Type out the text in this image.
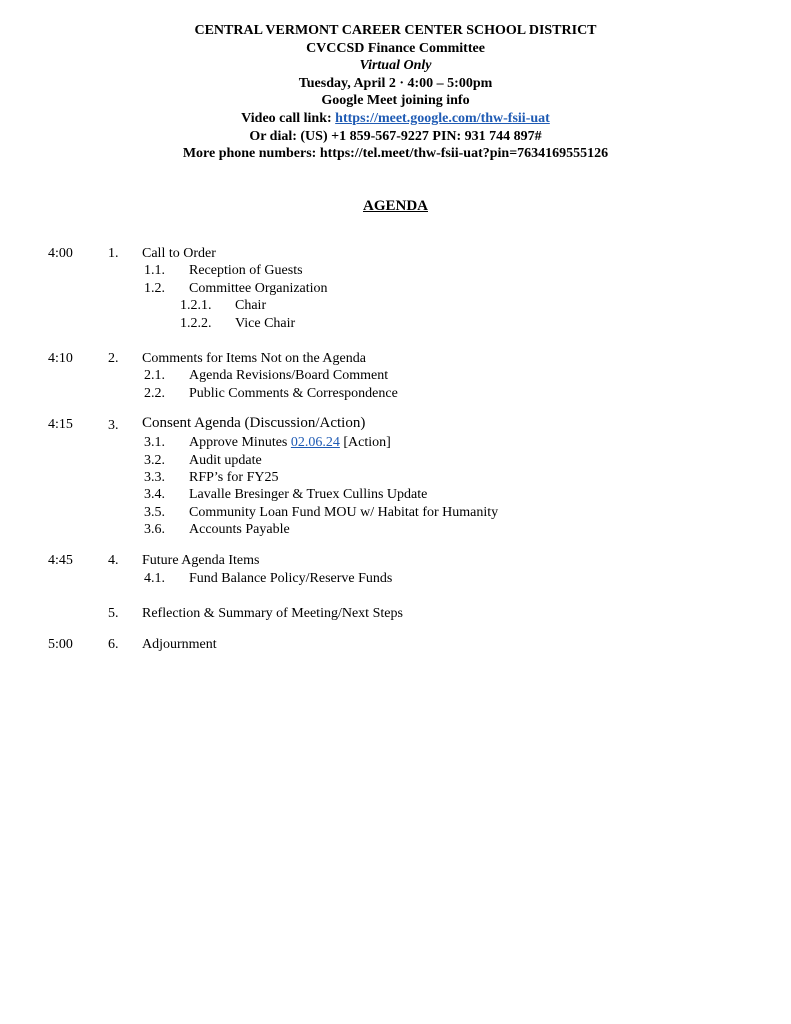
CENTRAL VERMONT CAREER CENTER SCHOOL DISTRICT
CVCCSD Finance Committee
Virtual Only
Tuesday, April 2 · 4:00 – 5:00pm
Google Meet joining info
Video call link: https://meet.google.com/thw-fsii-uat
Or dial: (US) +1 859-567-9227 PIN: 931 744 897#
More phone numbers: https://tel.meet/thw-fsii-uat?pin=7634169555126
AGENDA
4:00	1. Call to Order
1.1. Reception of Guests
1.2. Committee Organization
1.2.1. Chair
1.2.2. Vice Chair
4:10	2. Comments for Items Not on the Agenda
2.1. Agenda Revisions/Board Comment
2.2. Public Comments & Correspondence
4:15	3. Consent Agenda (Discussion/Action)
3.1. Approve Minutes 02.06.24 [Action]
3.2. Audit update
3.3. RFP’s for FY25
3.4. Lavalle Bresinger & Truex Cullins Update
3.5. Community Loan Fund MOU w/ Habitat for Humanity
3.6. Accounts Payable
4:45	4. Future Agenda Items
4.1. Fund Balance Policy/Reserve Funds
5. Reflection & Summary of Meeting/Next Steps
5:00	6. Adjournment
